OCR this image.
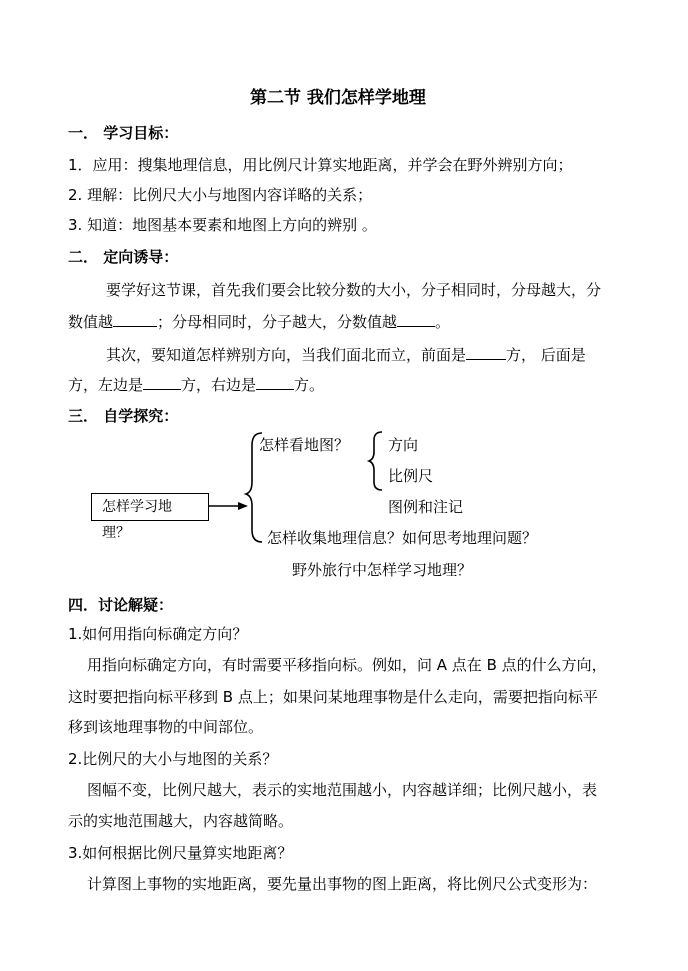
第二节 我们怎样学地理
一． 学习目标：
1．应用：搜集地理信息，用比例尺计算实地距离，并学会在野外辨别方向；
2. 理解：比例尺大小与地图内容详略的关系；
3. 知道：地图基本要素和地图上方向的辨别 。
二． 定向诱导：
要学好这节课，首先我们要会比较分数的大小，分子相同时，分母越大，分
数值越	；分母相同时，分子越大，分数值越	。
其次，要知道怎样辨别方向，当我们面北而立，前面是	方， 后面是
方，左边是	方，右边是	方。
三． 自学探究：
怎样学习地理？
怎样看地图？	方向
比例尺
图例和注记
怎样收集地理信息？如何思考地理问题？
野外旅行中怎样学习地理？
四．讨论解疑：
1.如何用指向标确定方向？
用指向标确定方向，有时需要平移指向标。例如，问 A 点在 B 点的什么方向，
这时要把指向标平移到 B 点上；如果问某地理事物是什么走向，需要把指向标平
移到该地理事物的中间部位。
2.比例尺的大小与地图的关系？
图幅不变，比例尺越大，表示的实地范围越小，内容越详细；比例尺越小，表
示的实地范围越大，内容越简略。
3.如何根据比例尺量算实地距离？
计算图上事物的实地距离，要先量出事物的图上距离，将比例尺公式变形为：
